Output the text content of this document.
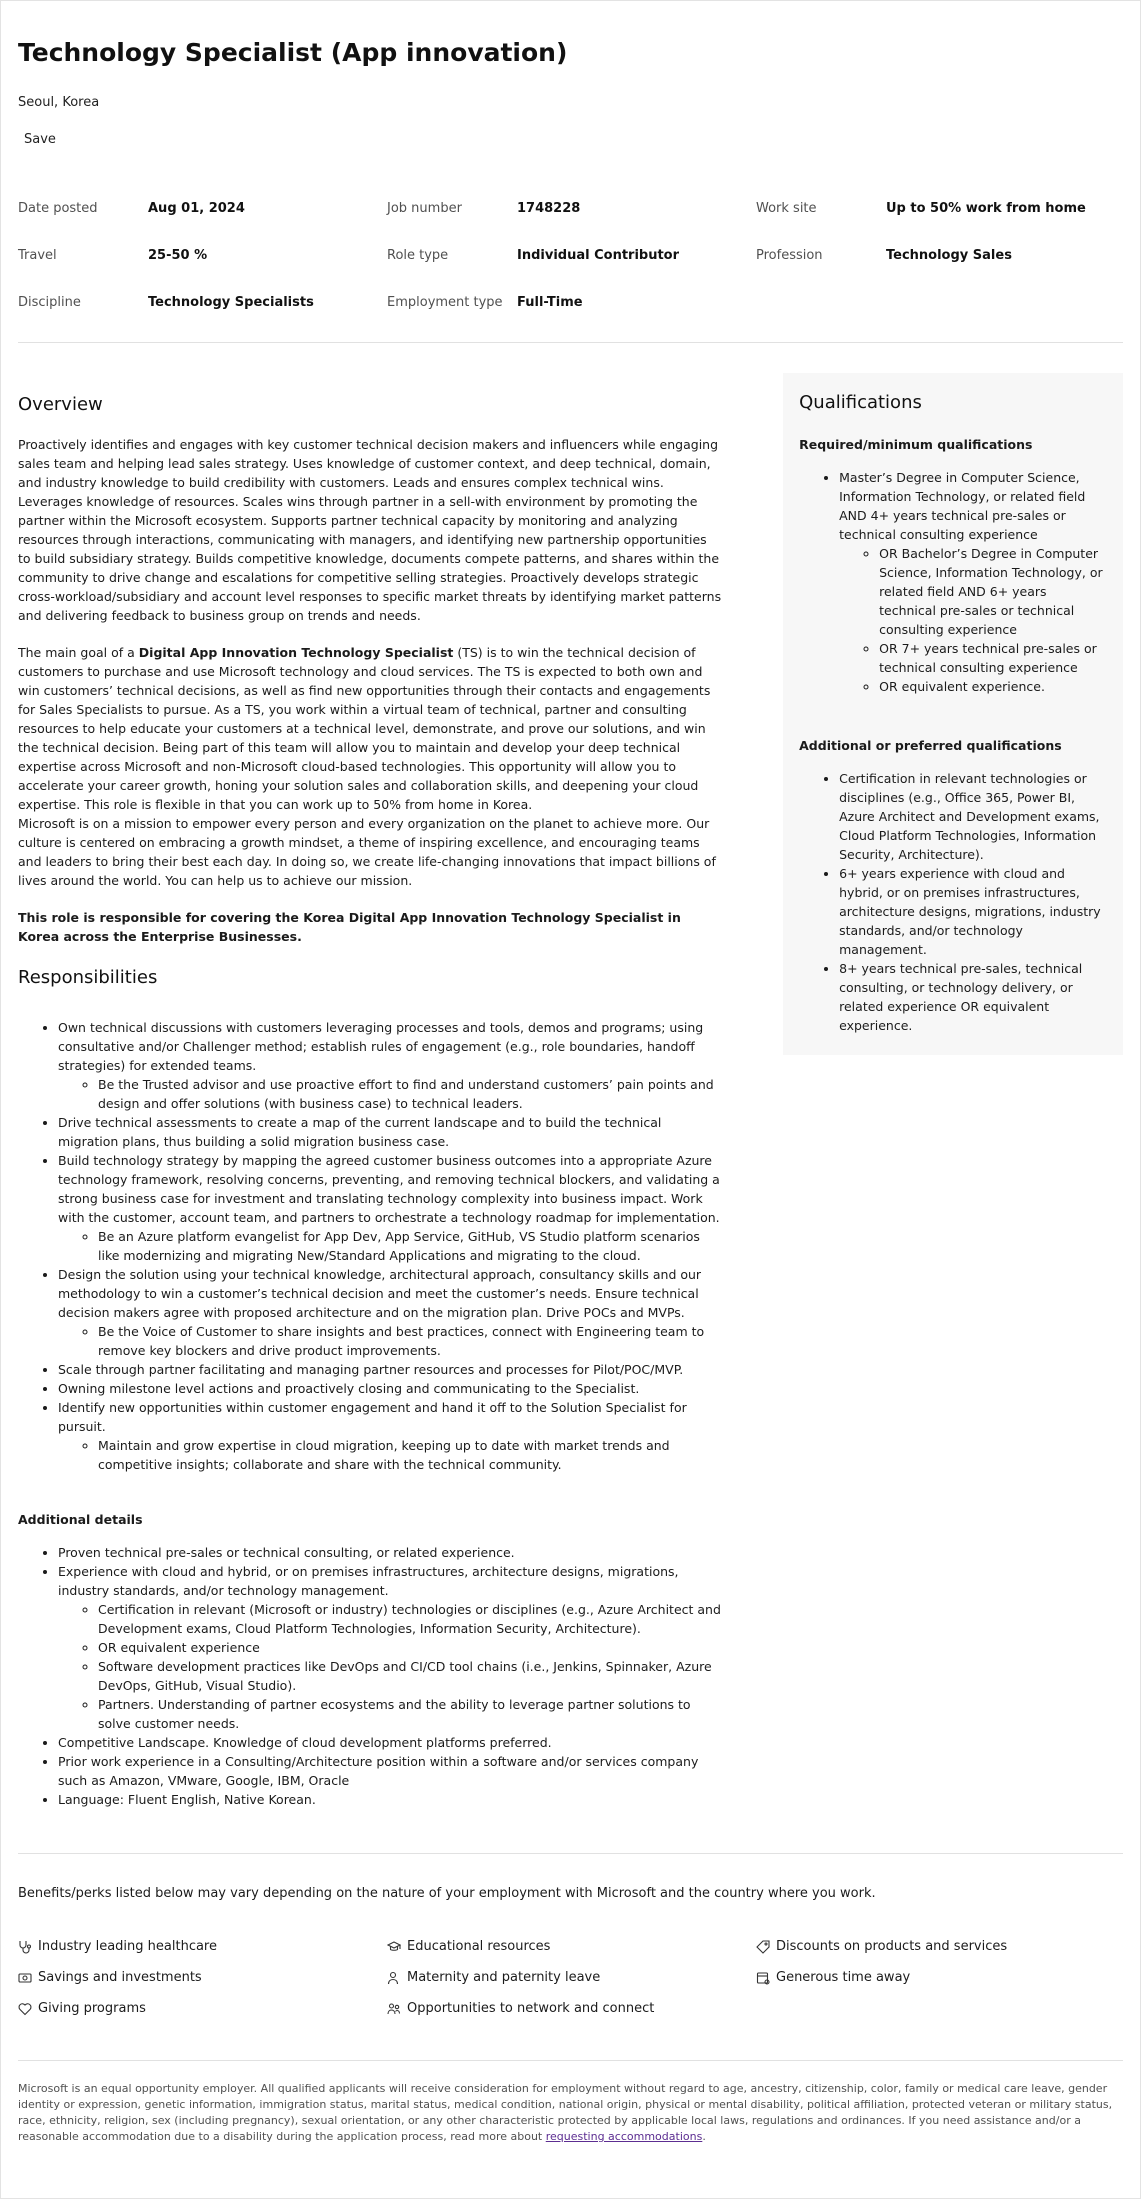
Technology Specialist (App innovation)
Seoul, Korea
Save
Date posted	Aug 01, 2024	Job number	1748228	Work site	Up to 50% work from home
Travel	25-50 %	Role type	Individual Contributor	Profession	Technology Sales
Discipline	Technology Specialists	Employment type	Full-Time
Overview

Proactively identifies and engages with key customer technical decision makers and influencers while engaging sales team and helping lead sales strategy. Uses knowledge of customer context, and deep technical, domain, and industry knowledge to build credibility with customers. Leads and ensures complex technical wins. Leverages knowledge of resources. Scales wins through partner in a sell-with environment by promoting the partner within the Microsoft ecosystem. Supports partner technical capacity by monitoring and analyzing resources through interactions, communicating with managers, and identifying new partnership opportunities to build subsidiary strategy. Builds competitive knowledge, documents compete patterns, and shares within the community to drive change and escalations for competitive selling strategies. Proactively develops strategic cross-workload/subsidiary and account level responses to specific market threats by identifying market patterns and delivering feedback to business group on trends and needs.

The main goal of a Digital App Innovation Technology Specialist (TS) is to win the technical decision of customers to purchase and use Microsoft technology and cloud services. The TS is expected to both own and win customers’ technical decisions, as well as find new opportunities through their contacts and engagements for Sales Specialists to pursue. As a TS, you work within a virtual team of technical, partner and consulting resources to help educate your customers at a technical level, demonstrate, and prove our solutions, and win the technical decision. Being part of this team will allow you to maintain and develop your deep technical expertise across Microsoft and non-Microsoft cloud-based technologies. This opportunity will allow you to accelerate your career growth, honing your solution sales and collaboration skills, and deepening your cloud expertise. This role is flexible in that you can work up to 50% from home in Korea.

Microsoft is on a mission to empower every person and every organization on the planet to achieve more. Our culture is centered on embracing a growth mindset, a theme of inspiring excellence, and encouraging teams and leaders to bring their best each day. In doing so, we create life-changing innovations that impact billions of lives around the world. You can help us to achieve our mission.

This role is responsible for covering the Korea Digital App Innovation Technology Specialist in Korea across the Enterprise Businesses.

Responsibilities
• Own technical discussions with customers leveraging processes and tools, demos and programs; using consultative and/or Challenger method; establish rules of engagement (e.g., role boundaries, handoff strategies) for extended teams.
◦ Be the Trusted advisor and use proactive effort to find and understand customers’ pain points and design and offer solutions (with business case) to technical leaders.
• Drive technical assessments to create a map of the current landscape and to build the technical migration plans, thus building a solid migration business case.
• Build technology strategy by mapping the agreed customer business outcomes into a appropriate Azure technology framework, resolving concerns, preventing, and removing technical blockers, and validating a strong business case for investment and translating technology complexity into business impact. Work with the customer, account team, and partners to orchestrate a technology roadmap for implementation.
◦ Be an Azure platform evangelist for App Dev, App Service, GitHub, VS Studio platform scenarios like modernizing and migrating New/Standard Applications and migrating to the cloud.
• Design the solution using your technical knowledge, architectural approach, consultancy skills and our methodology to win a customer’s technical decision and meet the customer’s needs. Ensure technical decision makers agree with proposed architecture and on the migration plan. Drive POCs and MVPs.
◦ Be the Voice of Customer to share insights and best practices, connect with Engineering team to remove key blockers and drive product improvements.
• Scale through partner facilitating and managing partner resources and processes for Pilot/POC/MVP.
• Owning milestone level actions and proactively closing and communicating to the Specialist.
• Identify new opportunities within customer engagement and hand it off to the Solution Specialist for pursuit.
◦ Maintain and grow expertise in cloud migration, keeping up to date with market trends and competitive insights; collaborate and share with the technical community.
Additional details
• Proven technical pre-sales or technical consulting, or related experience.
• Experience with cloud and hybrid, or on premises infrastructures, architecture designs, migrations, industry standards, and/or technology management.
◦ Certification in relevant (Microsoft or industry) technologies or disciplines (e.g., Azure Architect and Development exams, Cloud Platform Technologies, Information Security, Architecture).
◦ OR equivalent experience
◦ Software development practices like DevOps and CI/CD tool chains (i.e., Jenkins, Spinnaker, Azure DevOps, GitHub, Visual Studio).
◦ Partners. Understanding of partner ecosystems and the ability to leverage partner solutions to solve customer needs.
• Competitive Landscape. Knowledge of cloud development platforms preferred.
• Prior work experience in a Consulting/Architecture position within a software and/or services company such as Amazon, VMware, Google, IBM, Oracle
• Language: Fluent English, Native Korean.
Qualifications
Required/minimum qualifications
• Master’s Degree in Computer Science, Information Technology, or related field AND 4+ years technical pre-sales or technical consulting experience
◦ OR Bachelor’s Degree in Computer Science, Information Technology, or related field AND 6+ years technical pre-sales or technical consulting experience
◦ OR 7+ years technical pre-sales or technical consulting experience
◦ OR equivalent experience.
Additional or preferred qualifications
• Certification in relevant technologies or disciplines (e.g., Office 365, Power BI, Azure Architect and Development exams, Cloud Platform Technologies, Information Security, Architecture).
• 6+ years experience with cloud and hybrid, or on premises infrastructures, architecture designs, migrations, industry standards, and/or technology management.
• 8+ years technical pre-sales, technical consulting, or technology delivery, or related experience OR equivalent experience.

Benefits/perks listed below may vary depending on the nature of your employment with Microsoft and the country where you work.

Industry leading healthcare	Educational resources	Discounts on products and services
Savings and investments	Maternity and paternity leave	Generous time away
Giving programs	Opportunities to network and connect

Microsoft is an equal opportunity employer. All qualified applicants will receive consideration for employment without regard to age, ancestry, citizenship, color, family or medical care leave, gender identity or expression, genetic information, immigration status, marital status, medical condition, national origin, physical or mental disability, political affiliation, protected veteran or military status, race, ethnicity, religion, sex (including pregnancy), sexual orientation, or any other characteristic protected by applicable local laws, regulations and ordinances. If you need assistance and/or a reasonable accommodation due to a disability during the application process, read more about requesting accommodations.
